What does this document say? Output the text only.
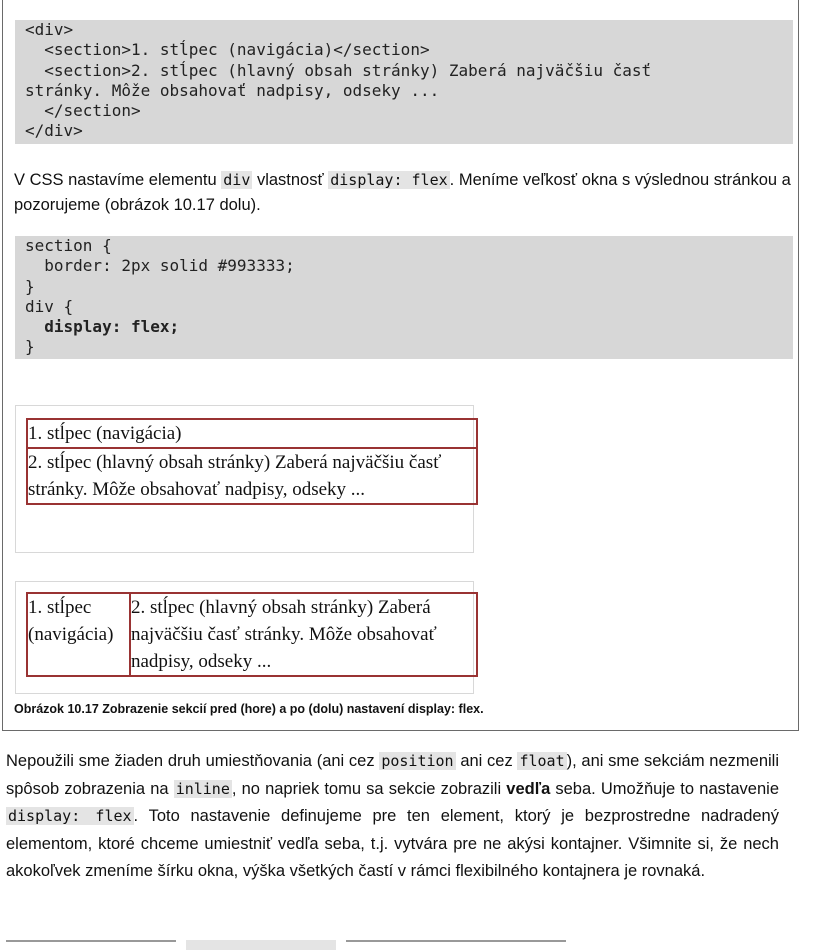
<div>
<section>1. stĺpec (navigácia)</section>
<section>2. stĺpec (hlavný obsah stránky) Zaberá najväčšiu časť
stránky. Môže obsahovať nadpisy, odseky ...
</section>
</div>
V CSS nastavíme elementu div vlastnosť display: flex . Meníme veľkosť okna s výslednou stránkou a pozorujeme (obrázok 10.17 dolu).
section {
border: 2px solid #993333;
}
div {
display: flex;
}
1. stĺpec (navigácia)
2. stĺpec (hlavný obsah stránky) Zaberá najväčšiu časť stránky. Môže obsahovať nadpisy, odseky ...
1. stĺpec (navigácia)
2. stĺpec (hlavný obsah stránky) Zaberá najväčšiu časť stránky. Môže obsahovať nadpisy, odseky ...
Obrázok 10.17 Zobrazenie sekcií pred (hore) a po (dolu) nastavení display: flex.
Nepoužili sme žiaden druh umiestňovania (ani cez position ani cez float ), ani sme sekciám nezmenili spôsob zobrazenia na inline , no napriek tomu sa sekcie zobrazili vedľa seba. Umožňuje to nastavenie display: flex . Toto nastavenie definujeme pre ten element, ktorý je bezprostredne nadradený elementom, ktoré chceme umiestniť vedľa seba, t.j. vytvára pre ne akýsi kontajner. Všimnite si, že nech akokoľvek zmeníme šírku okna, výška všetkých častí v rámci flexibilného kontajnera je rovnaká.
